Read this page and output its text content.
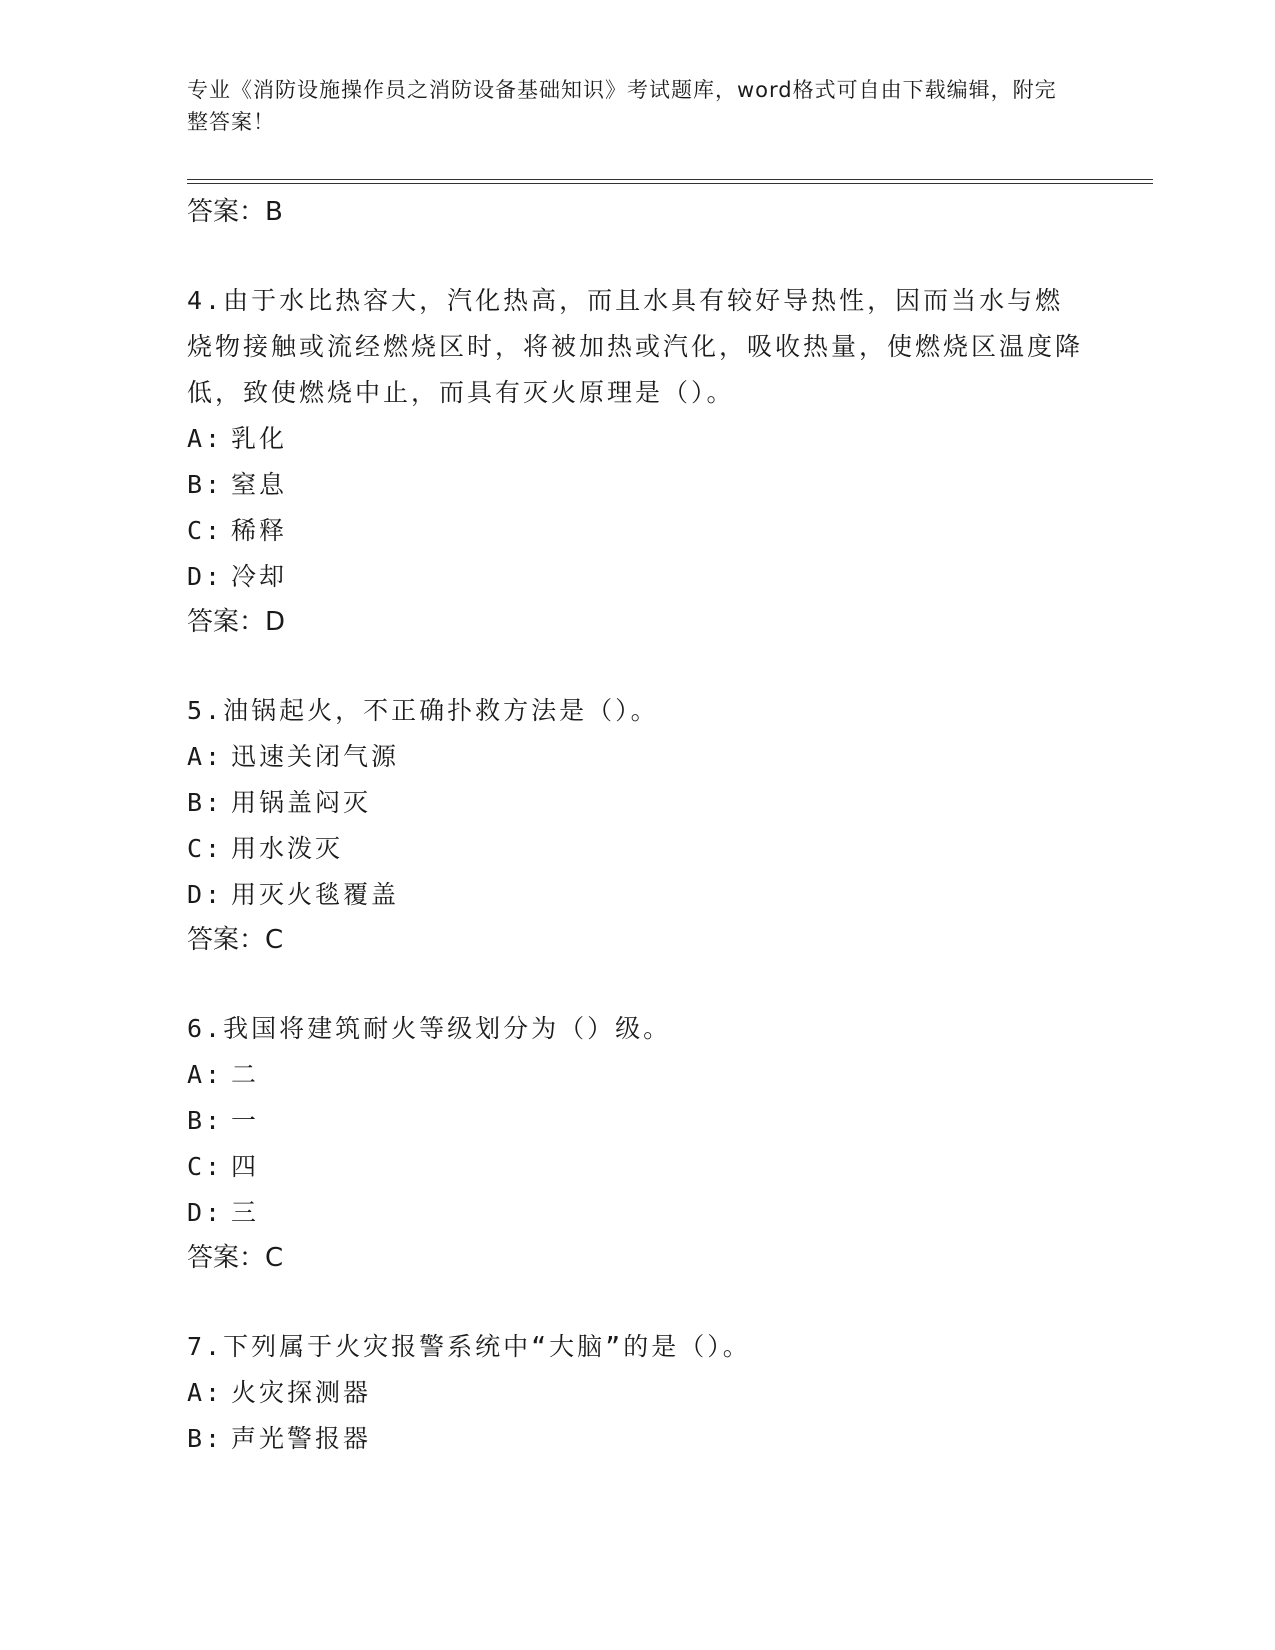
专业《消防设施操作员之消防设备基础知识》考试题库，word格式可自由下载编辑，附完整答案！

答案：B

4.由于水比热容大，汽化热高，而且水具有较好导热性，因而当水与燃烧物接触或流经燃烧区时，将被加热或汽化，吸收热量，使燃烧区温度降低，致使燃烧中止，而具有灭火原理是（）。

A: 乳化

B: 窒息

C: 稀释

D: 冷却

答案：D

5.油锅起火，不正确扑救方法是（）。

A: 迅速关闭气源

B: 用锅盖闷灭

C: 用水泼灭

D: 用灭火毯覆盖

答案：C

6.我国将建筑耐火等级划分为（）级。

A: 二

B: 一

C: 四

D: 三

答案：C

7.下列属于火灾报警系统中“大脑”的是（）。

A: 火灾探测器

B: 声光警报器
